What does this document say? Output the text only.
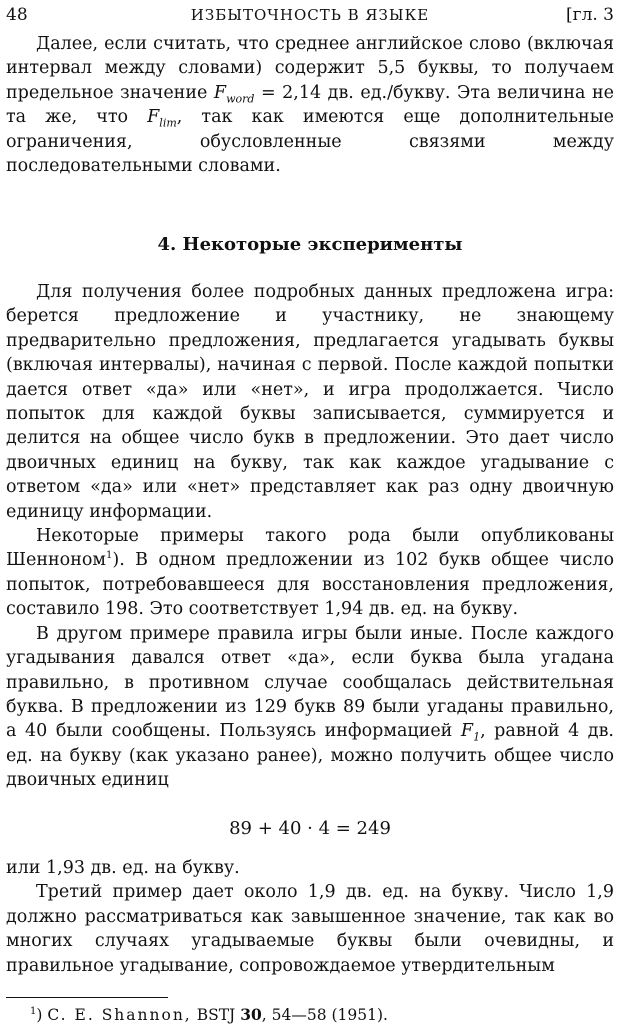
48	ИЗБЫТОЧНОСТЬ В ЯЗЫКЕ	[гл. 3

Далее, если считать, что среднее английское слово (включая интервал между словами) содержит 5,5 буквы, то получаем предельное значение $F_{word} = 2,14$ дв. ед./букву. Эта величина не та же, что $F_{lim}$, так как имеются еще дополнительные ограничения, обусловленные связями между последовательными словами.

4. Некоторые эксперименты

Для получения более подробных данных предложена игра: берется предложение и участнику, не знающему предварительно предложения, предлагается угадывать буквы (включая интервалы), начиная с первой. После каждой попытки дается ответ «да» или «нет», и игра продолжается. Число попыток для каждой буквы записывается, суммируется и делится на общее число букв в предложении. Это дает число двоичных единиц на букву, так как каждое угадывание с ответом «да» или «нет» представляет как раз одну двоичную единицу информации.

Некоторые примеры такого рода были опубликованы Шенноном$^1$). В одном предложении из 102 букв общее число попыток, потребовавшееся для восстановления предложения, составило 198. Это соответствует 1,94 дв. ед. на букву.

В другом примере правила игры были иные. После каждого угадывания давался ответ «да», если буква была угадана правильно, в противном случае сообщалась действительная буква. В предложении из 129 букв 89 были угаданы правильно, а 40 были сообщены. Пользуясь информацией $F_1$, равной 4 дв. ед. на букву (как указано ранее), можно получить общее число двоичных единиц

89 + 40 · 4 = 249

или 1,93 дв. ед. на букву.

Третий пример дает около 1,9 дв. ед. на букву. Число 1,9 должно рассматриваться как завышенное значение, так как во многих случаях угадываемые буквы были очевидны, и правильное угадывание, сопровождаемое утвердительным

$^1$) C. E. Shannon, BSTJ 30, 54—58 (1951).
